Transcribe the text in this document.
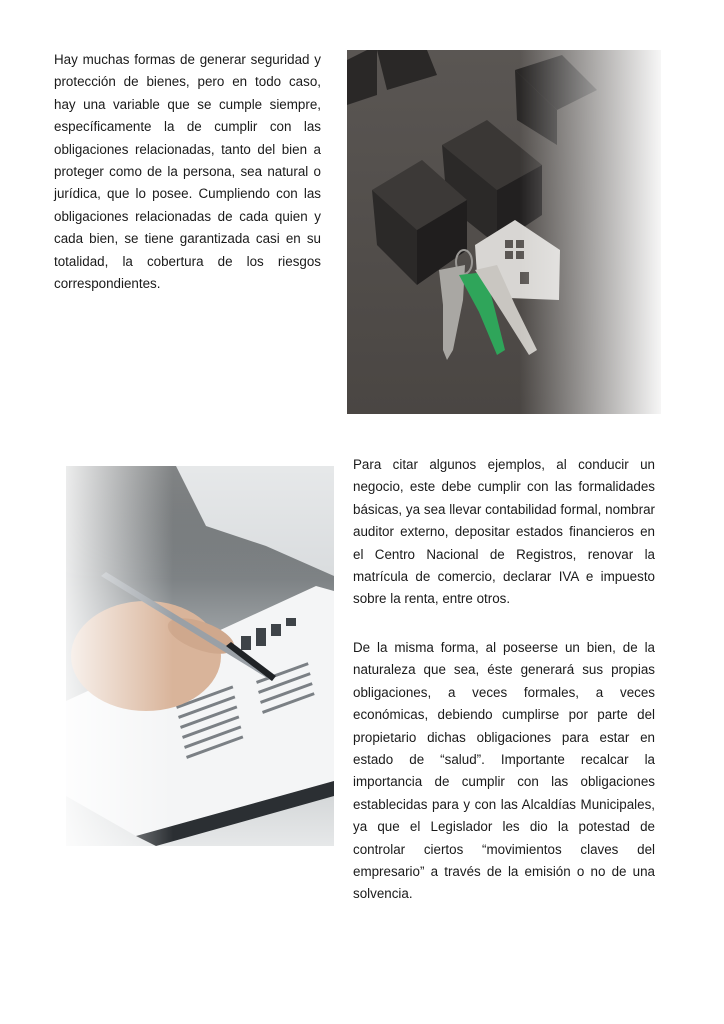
Hay muchas formas de generar seguridad y protección de bienes, pero en todo caso, hay una variable que se cumple siempre, específicamente la de cumplir con las obligaciones relacionadas, tanto del bien a proteger como de la persona, sea natural o jurídica, que lo posee. Cumpliendo con las obligaciones relacionadas de cada quien y cada bien, se tiene garantizada casi en su totalidad, la cobertura de los riesgos correspondientes.

Para citar algunos ejemplos, al conducir un negocio, este debe cumplir con las formalidades básicas, ya sea llevar contabilidad formal, nombrar auditor externo, depositar estados financieros en el Centro Nacional de Registros, renovar la matrícula de comercio, declarar IVA e impuesto sobre la renta, entre otros.

De la misma forma, al poseerse un bien, de la naturaleza que sea, éste generará sus propias obligaciones, a veces formales, a veces económicas, debiendo cumplirse por parte del propietario dichas obligaciones para estar en estado de “salud”. Importante recalcar la importancia de cumplir con las obligaciones establecidas para y con las Alcaldías Municipales, ya que el Legislador les dio la potestad de controlar ciertos “movimientos claves del empresario” a través de la emisión o no de una solvencia.
